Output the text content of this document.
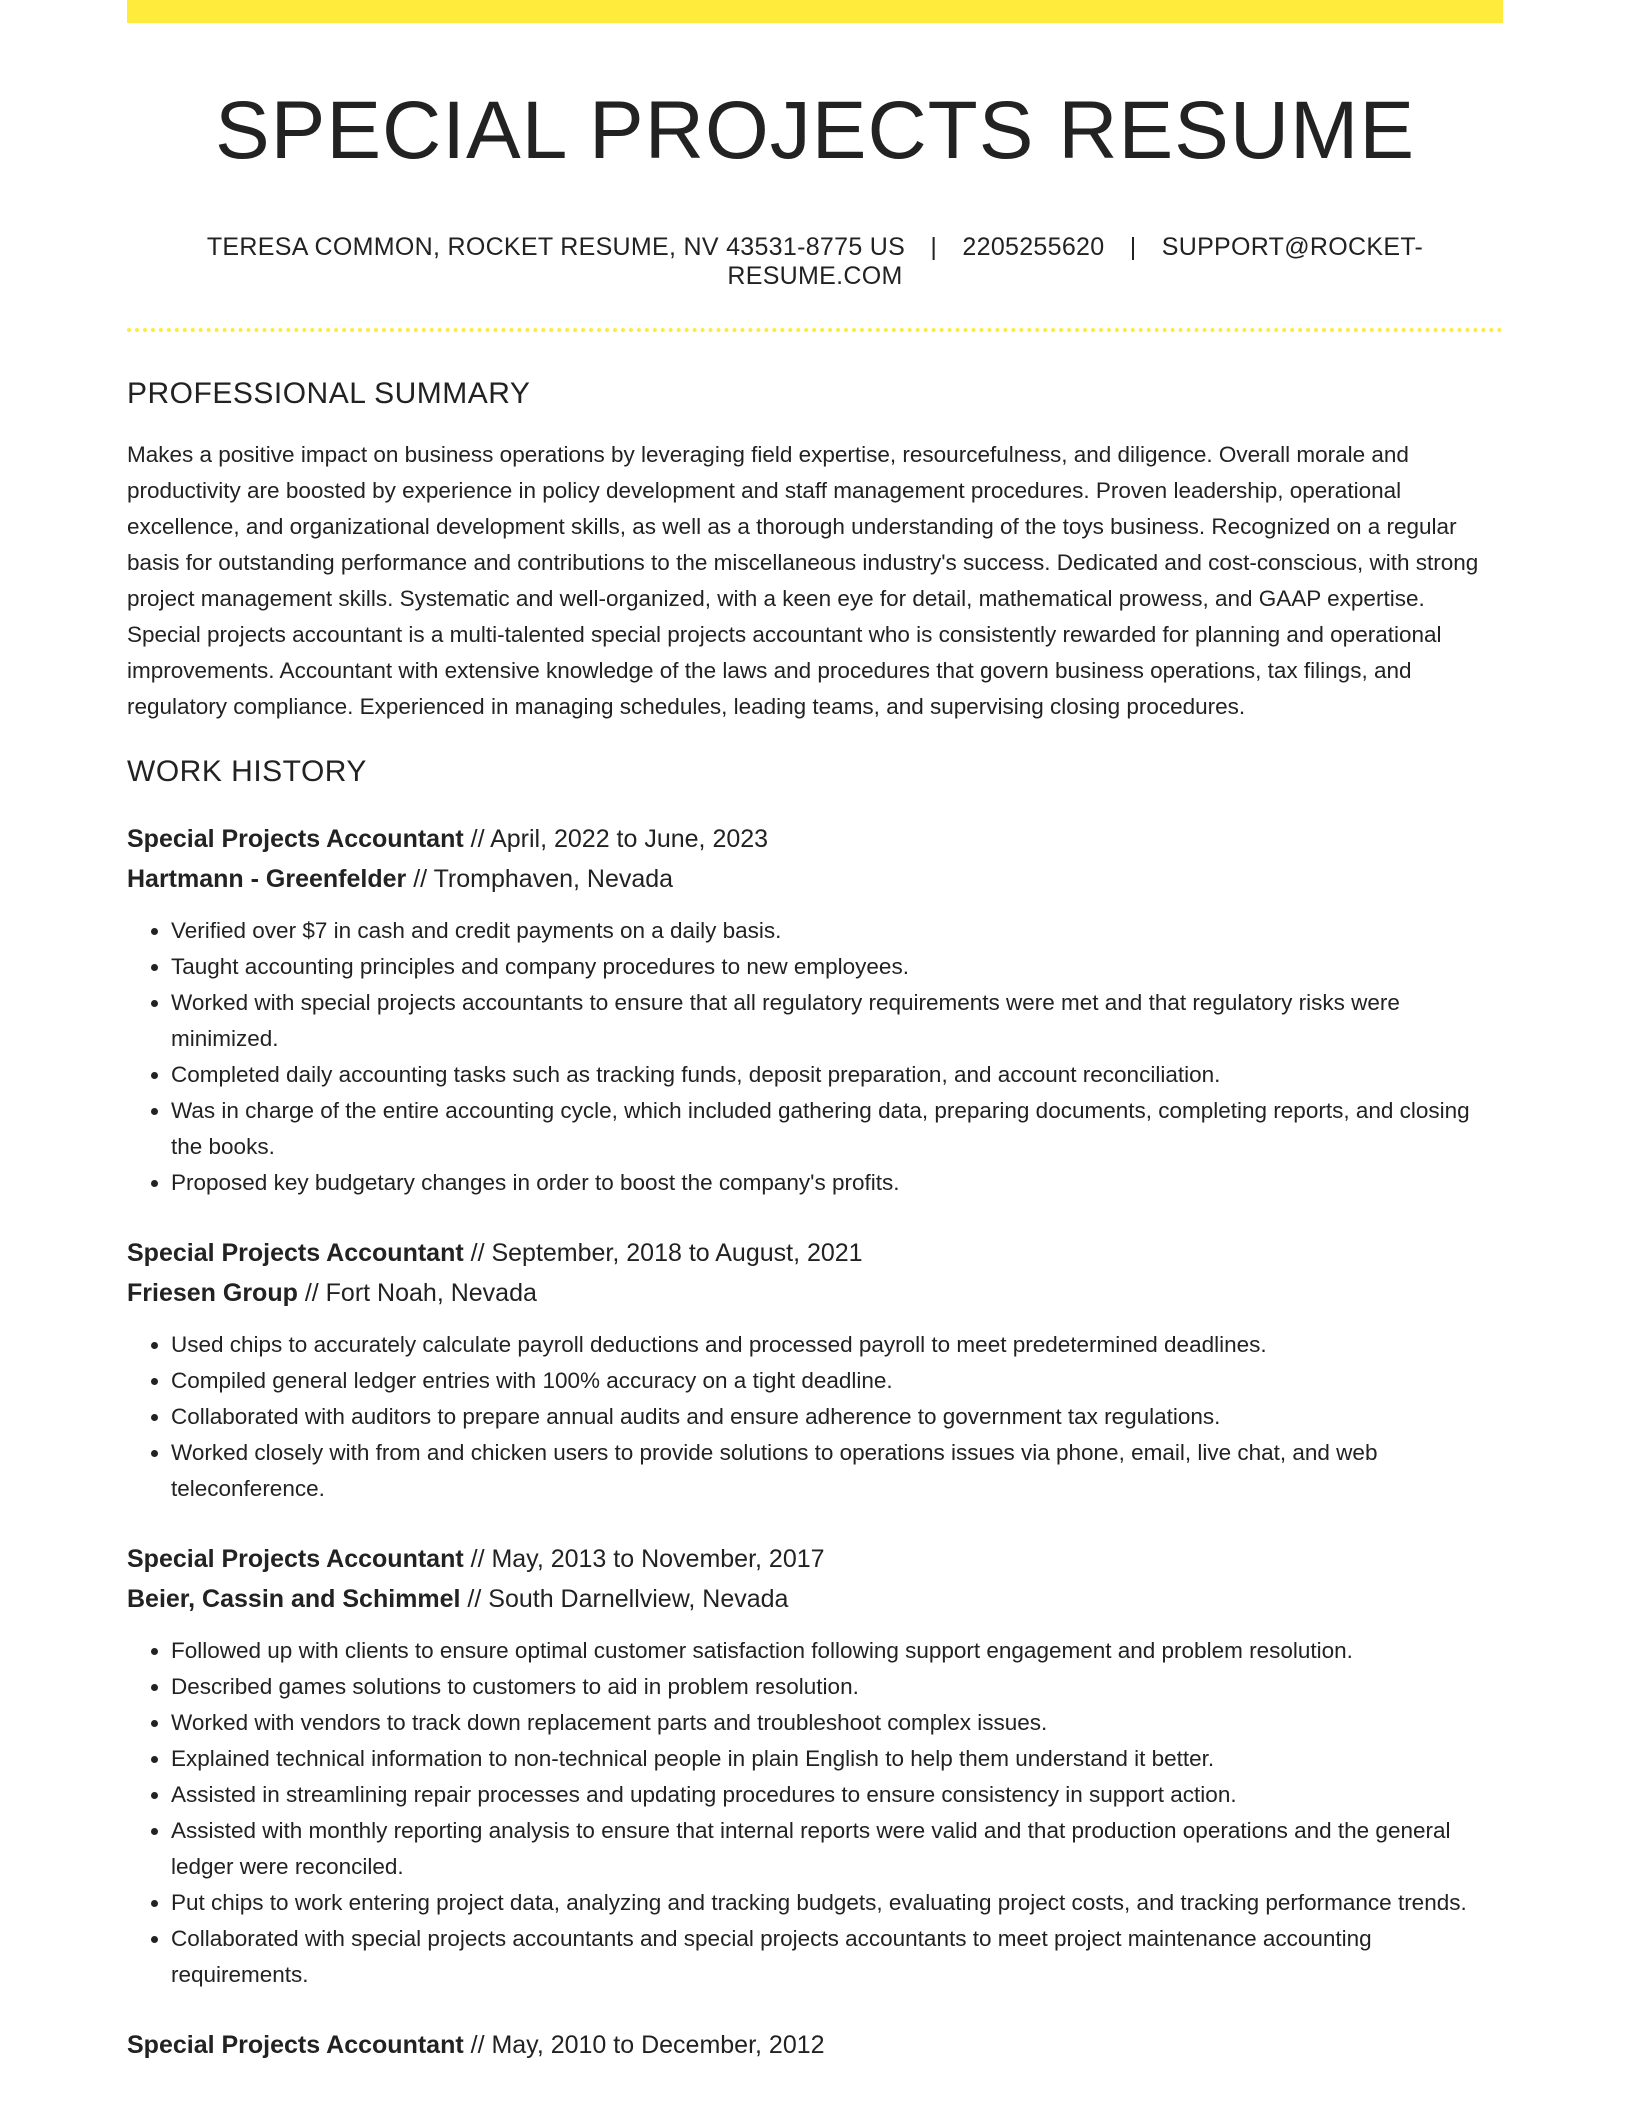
SPECIAL PROJECTS RESUME
TERESA COMMON, ROCKET RESUME, NV 43531-8775 US | 2205255620 | SUPPORT@ROCKET-RESUME.COM
PROFESSIONAL SUMMARY

Makes a positive impact on business operations by leveraging field expertise, resourcefulness, and diligence. Overall morale and productivity are boosted by experience in policy development and staff management procedures. Proven leadership, operational excellence, and organizational development skills, as well as a thorough understanding of the toys business. Recognized on a regular basis for outstanding performance and contributions to the miscellaneous industry's success. Dedicated and cost-conscious, with strong project management skills. Systematic and well-organized, with a keen eye for detail, mathematical prowess, and GAAP expertise. Special projects accountant is a multi-talented special projects accountant who is consistently rewarded for planning and operational improvements. Accountant with extensive knowledge of the laws and procedures that govern business operations, tax filings, and regulatory compliance. Experienced in managing schedules, leading teams, and supervising closing procedures.

WORK HISTORY
Special Projects Accountant // April, 2022 to June, 2023
Hartmann - Greenfelder // Tromphaven, Nevada
• Verified over $7 in cash and credit payments on a daily basis.
• Taught accounting principles and company procedures to new employees.
• Worked with special projects accountants to ensure that all regulatory requirements were met and that regulatory risks were minimized.
• Completed daily accounting tasks such as tracking funds, deposit preparation, and account reconciliation.
• Was in charge of the entire accounting cycle, which included gathering data, preparing documents, completing reports, and closing the books.
• Proposed key budgetary changes in order to boost the company's profits.
Special Projects Accountant // September, 2018 to August, 2021
Friesen Group // Fort Noah, Nevada
• Used chips to accurately calculate payroll deductions and processed payroll to meet predetermined deadlines.
• Compiled general ledger entries with 100% accuracy on a tight deadline.
• Collaborated with auditors to prepare annual audits and ensure adherence to government tax regulations.
• Worked closely with from and chicken users to provide solutions to operations issues via phone, email, live chat, and web teleconference.
Special Projects Accountant // May, 2013 to November, 2017
Beier, Cassin and Schimmel // South Darnellview, Nevada
• Followed up with clients to ensure optimal customer satisfaction following support engagement and problem resolution.
• Described games solutions to customers to aid in problem resolution.
• Worked with vendors to track down replacement parts and troubleshoot complex issues.
• Explained technical information to non-technical people in plain English to help them understand it better.
• Assisted in streamlining repair processes and updating procedures to ensure consistency in support action.
• Assisted with monthly reporting analysis to ensure that internal reports were valid and that production operations and the general ledger were reconciled.
• Put chips to work entering project data, analyzing and tracking budgets, evaluating project costs, and tracking performance trends.
• Collaborated with special projects accountants and special projects accountants to meet project maintenance accounting requirements.
Special Projects Accountant // May, 2010 to December, 2012
